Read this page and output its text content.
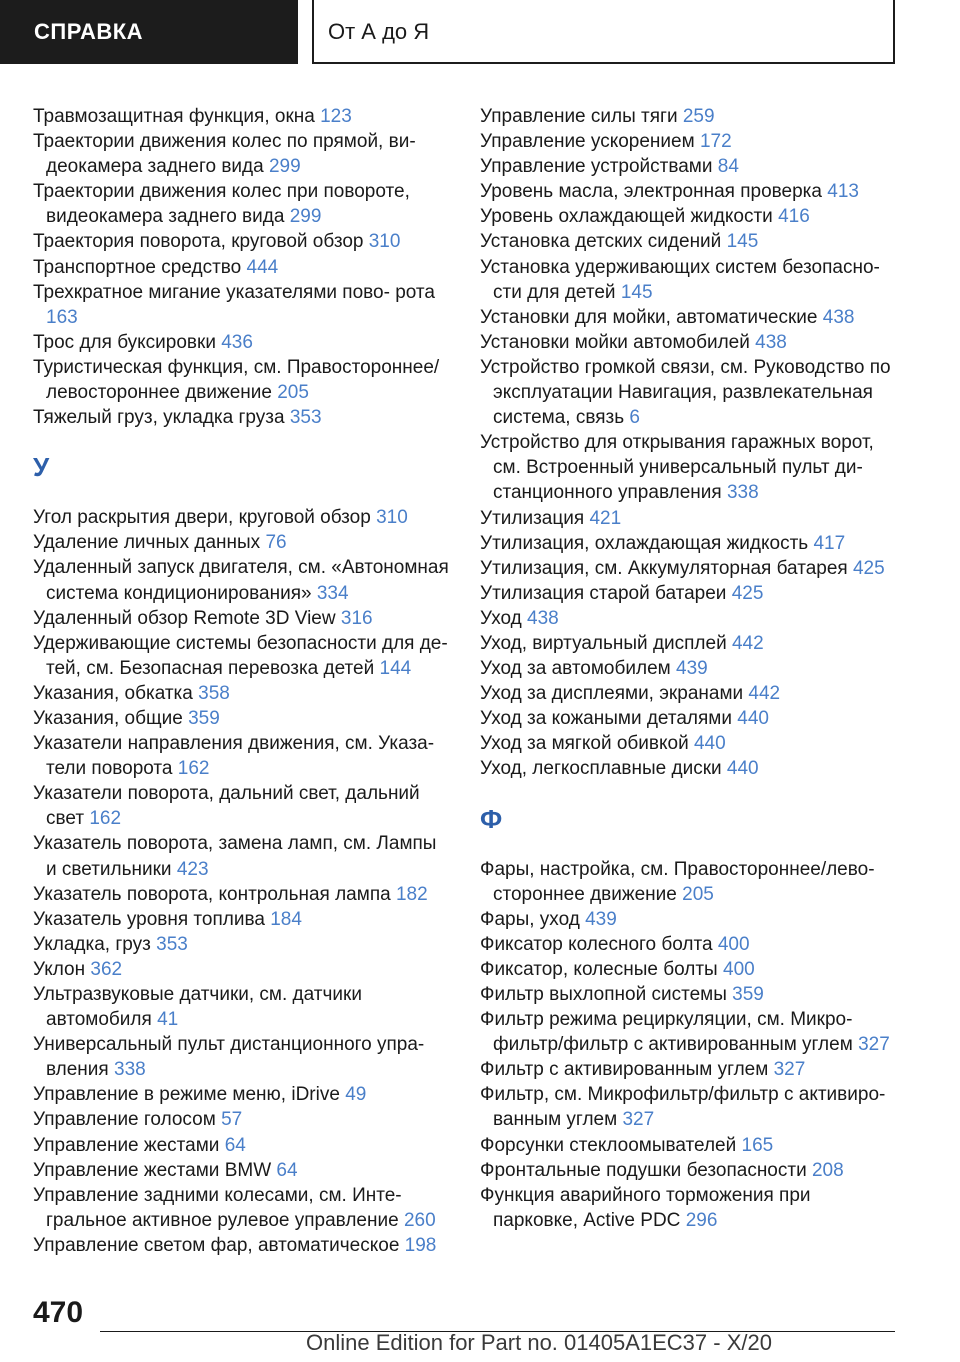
СПРАВКА	От А до Я

Травмозащитная функция, окна 123

Траектории движения колес по прямой, ви- деокамера заднего вида 299

Траектории движения колес при повороте, видеокамера заднего вида 299

Траектория поворота, круговой обзор 310

Транспортное средство 444

Трехкратное мигание указателями пово- рота 163

Трос для буксировки 436

Туристическая функция, см. Правостороннее/ левостороннее движение 205

Тяжелый груз, укладка груза 353

У

Угол раскрытия двери, круговой обзор 310

Удаление личных данных 76

Удаленный запуск двигателя, см. «Автономная система кондиционирования» 334

Удаленный обзор Remote 3D View 316

Удерживающие системы безопасности для де- тей, см. Безопасная перевозка детей 144

Указания, обкатка 358

Указания, общие 359

Указатели направления движения, см. Указа- тели поворота 162

Указатели поворота, дальний свет, дальний свет 162

Указатель поворота, замена ламп, см. Лампы и светильники 423

Указатель поворота, контрольная лампа 182

Указатель уровня топлива 184

Укладка, груз 353

Уклон 362

Ультразвуковые датчики, см. датчики автомобиля 41

Универсальный пульт дистанционного упра- вления 338

Управление в режиме меню, iDrive 49

Управление голосом 57

Управление жестами 64

Управление жестами BMW 64

Управление задними колесами, см. Инте- гральное активное рулевое управление 260

Управление светом фар, автоматическое 198

Управление силы тяги 259

Управление ускорением 172

Управление устройствами 84

Уровень масла, электронная проверка 413

Уровень охлаждающей жидкости 416

Установка детских сидений 145

Установка удерживающих систем безопасно- сти для детей 145

Установки для мойки, автоматические 438

Установки мойки автомобилей 438

Устройство громкой связи, см. Руководство по эксплуатации Навигация, развлекательная система, связь 6

Устройство для открывания гаражных ворот, см. Встроенный универсальный пульт ди- станционного управления 338

Утилизация 421

Утилизация, охлаждающая жидкость 417

Утилизация, см. Аккумуляторная батарея 425

Утилизация старой батареи 425

Уход 438

Уход, виртуальный дисплей 442

Уход за автомобилем 439

Уход за дисплеями, экранами 442

Уход за кожаными деталями 440

Уход за мягкой обивкой 440

Уход, легкосплавные диски 440

Ф

Фары, настройка, см. Правостороннее/лево- стороннее движение 205

Фары, уход 439

Фиксатор колесного болта 400

Фиксатор, колесные болты 400

Фильтр выхлопной системы 359

Фильтр режима рециркуляции, см. Микро- фильтр/фильтр с активированным углем 327

Фильтр с активированным углем 327

Фильтр, см. Микрофильтр/фильтр с активиро- ванным углем 327

Форсунки стеклоомывателей 165

Фронтальные подушки безопасности 208

Функция аварийного торможения при парковке, Active PDC 296

470
Online Edition for Part no. 01405A1EC37 - X/20
